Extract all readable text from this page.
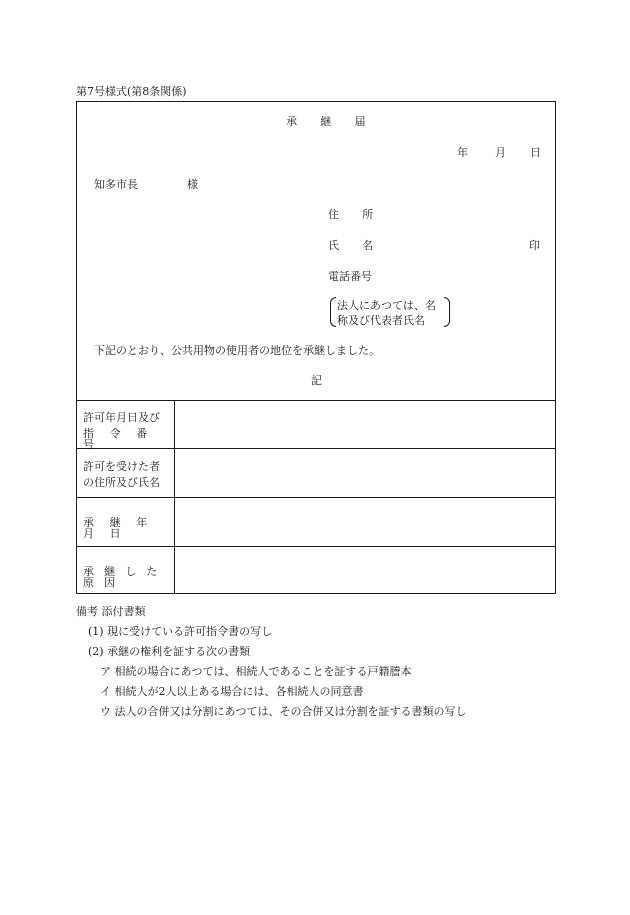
第7号様式(第8条関係)
承 継 届
年 月 日
知多市長	様
住 所
氏 名	印
電話番号
法人にあつては、名
称及び代表者氏名
下記のとおり、公共用物の使用者の地位を承継しました。
記
許可年月日及び
指 令 番 号
許可を受けた者
の住所及び氏名
承 継 年 月 日
承 継 し た 原 因
備考 添付書類
(1) 現に受けている許可指令書の写し
(2) 承継の権利を証する次の書類
ア 相続の場合にあつては、相続人であることを証する戸籍謄本
イ 相続人が2人以上ある場合には、各相続人の同意書
ウ 法人の合併又は分割にあつては、その合併又は分割を証する書類の写し
